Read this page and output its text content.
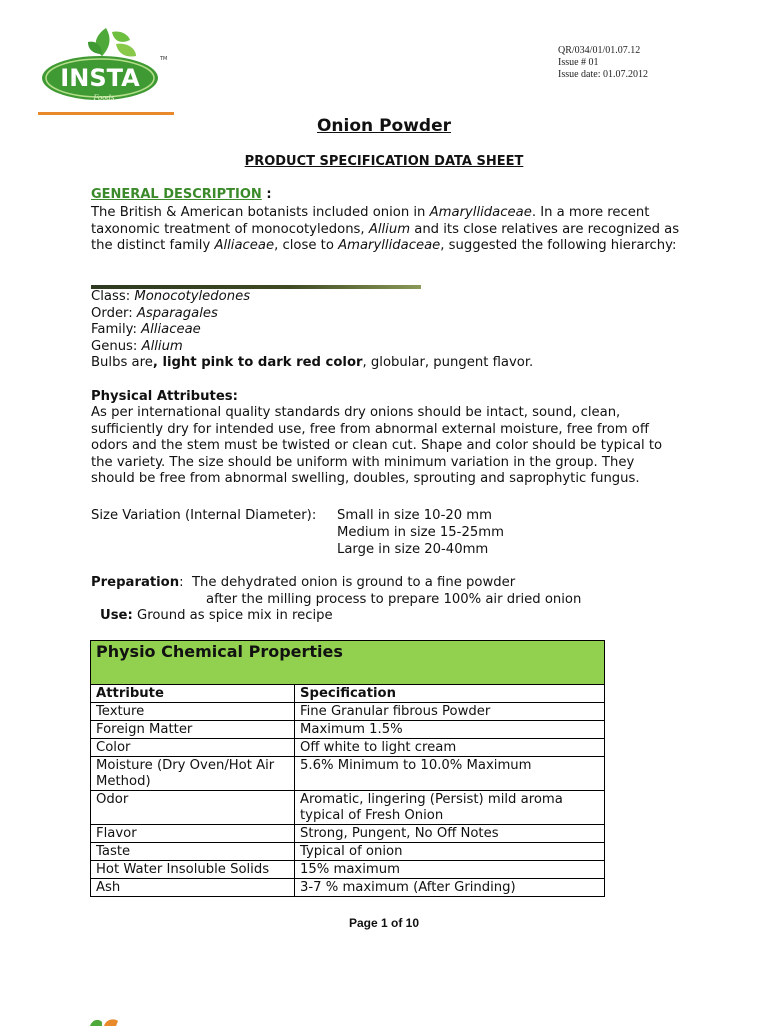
INSTA
Foods
TM
QR/034/01/01.07.12
Issue # 01
Issue date: 01.07.2012
Onion Powder
PRODUCT SPECIFICATION DATA SHEET
GENERAL DESCRIPTION :
The British & American botanists included onion in Amaryllidaceae. In a more recent taxonomic treatment of monocotyledons, Allium and its close relatives are recognized as the distinct family Alliaceae, close to Amaryllidaceae, suggested the following hierarchy:
Class: Monocotyledones
Order: Asparagales
Family: Alliaceae
Genus: Allium
Bulbs are, light pink to dark red color, globular, pungent flavor.
Physical Attributes:
As per international quality standards dry onions should be intact, sound, clean, sufficiently dry for intended use, free from abnormal external moisture, free from off odors and the stem must be twisted or clean cut. Shape and color should be typical to the variety. The size should be uniform with minimum variation in the group. They should be free from abnormal swelling, doubles, sprouting and saprophytic fungus.
Size Variation (Internal Diameter): Small in size 10-20 mm
Medium in size 15-25mm
Large in size 20-40mm
Preparation: The dehydrated onion is ground to a fine powder
after the milling process to prepare 100% air dried onion
Use: Ground as spice mix in recipe
Physio Chemical Properties	
Attribute	Specification
Texture	Fine Granular fibrous Powder
Foreign Matter	Maximum 1.5%
Color	Off white to light cream
Moisture (Dry Oven/Hot Air Method)	5.6% Minimum to 10.0% Maximum
Odor	Aromatic, lingering (Persist) mild aroma typical of Fresh Onion
Flavor	Strong, Pungent, No Off Notes
Taste	Typical of onion
Hot Water Insoluble Solids	15% maximum
Ash	3-7 % maximum (After Grinding)
Page 1 of 10
